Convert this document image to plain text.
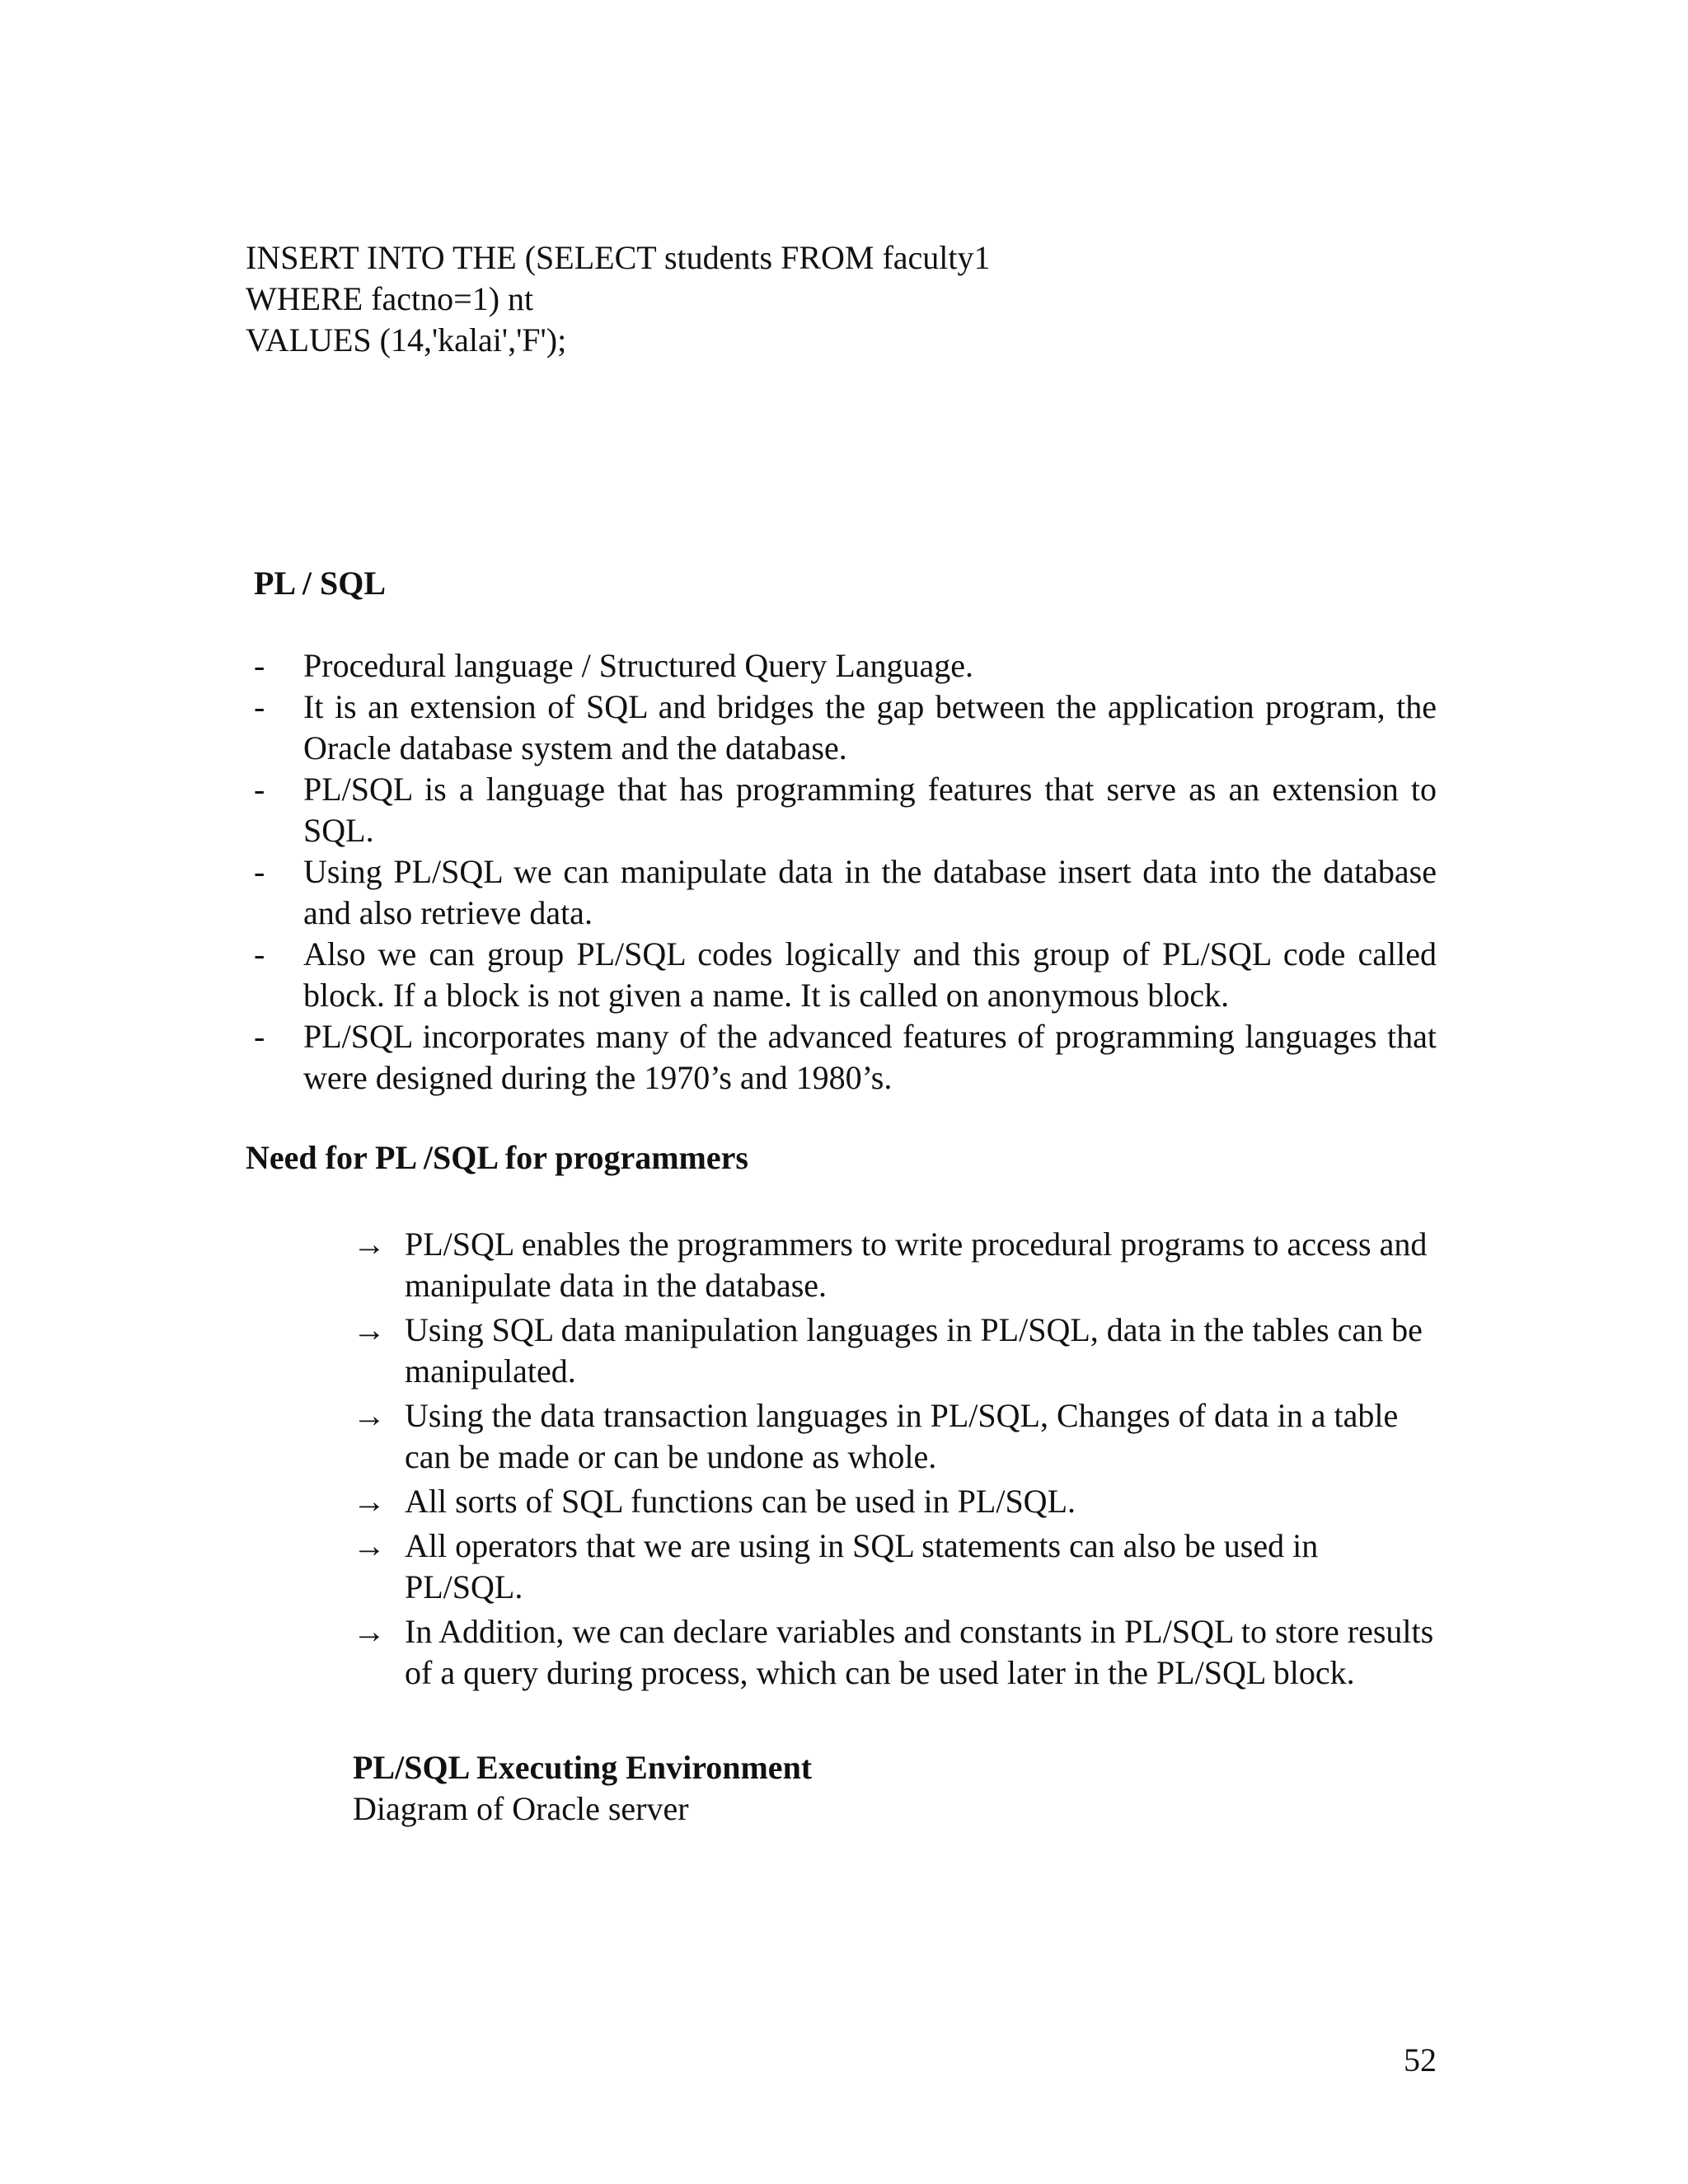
INSERT INTO THE (SELECT students FROM faculty1
WHERE factno=1) nt
VALUES (14,'kalai','F');
PL / SQL
- Procedural language / Structured Query Language.
- It is an extension of SQL and bridges the gap between the application program, the Oracle database system and the database.
- PL/SQL is a language that has programming features that serve as an extension to SQL.
- Using PL/SQL we can manipulate data in the database insert data into the database and also retrieve data.
- Also we can group PL/SQL codes logically and this group of PL/SQL code called block. If a block is not given a name. It is called on anonymous block.
- PL/SQL incorporates many of the advanced features of programming languages that were designed during the 1970’s and 1980’s.
Need for PL /SQL for programmers
→ PL/SQL enables the programmers to write procedural programs to access and manipulate data in the database.
→ Using SQL data manipulation languages in PL/SQL, data in the tables can be manipulated.
→ Using the data transaction languages in PL/SQL, Changes of data in a table can be made or can be undone as whole.
→ All sorts of SQL functions can be used in PL/SQL.
→ All operators that we are using in SQL statements can also be used in PL/SQL.
→ In Addition, we can declare variables and constants in PL/SQL to store results of a query during process, which can be used later in the PL/SQL block.
PL/SQL Executing Environment
Diagram of Oracle server
52
